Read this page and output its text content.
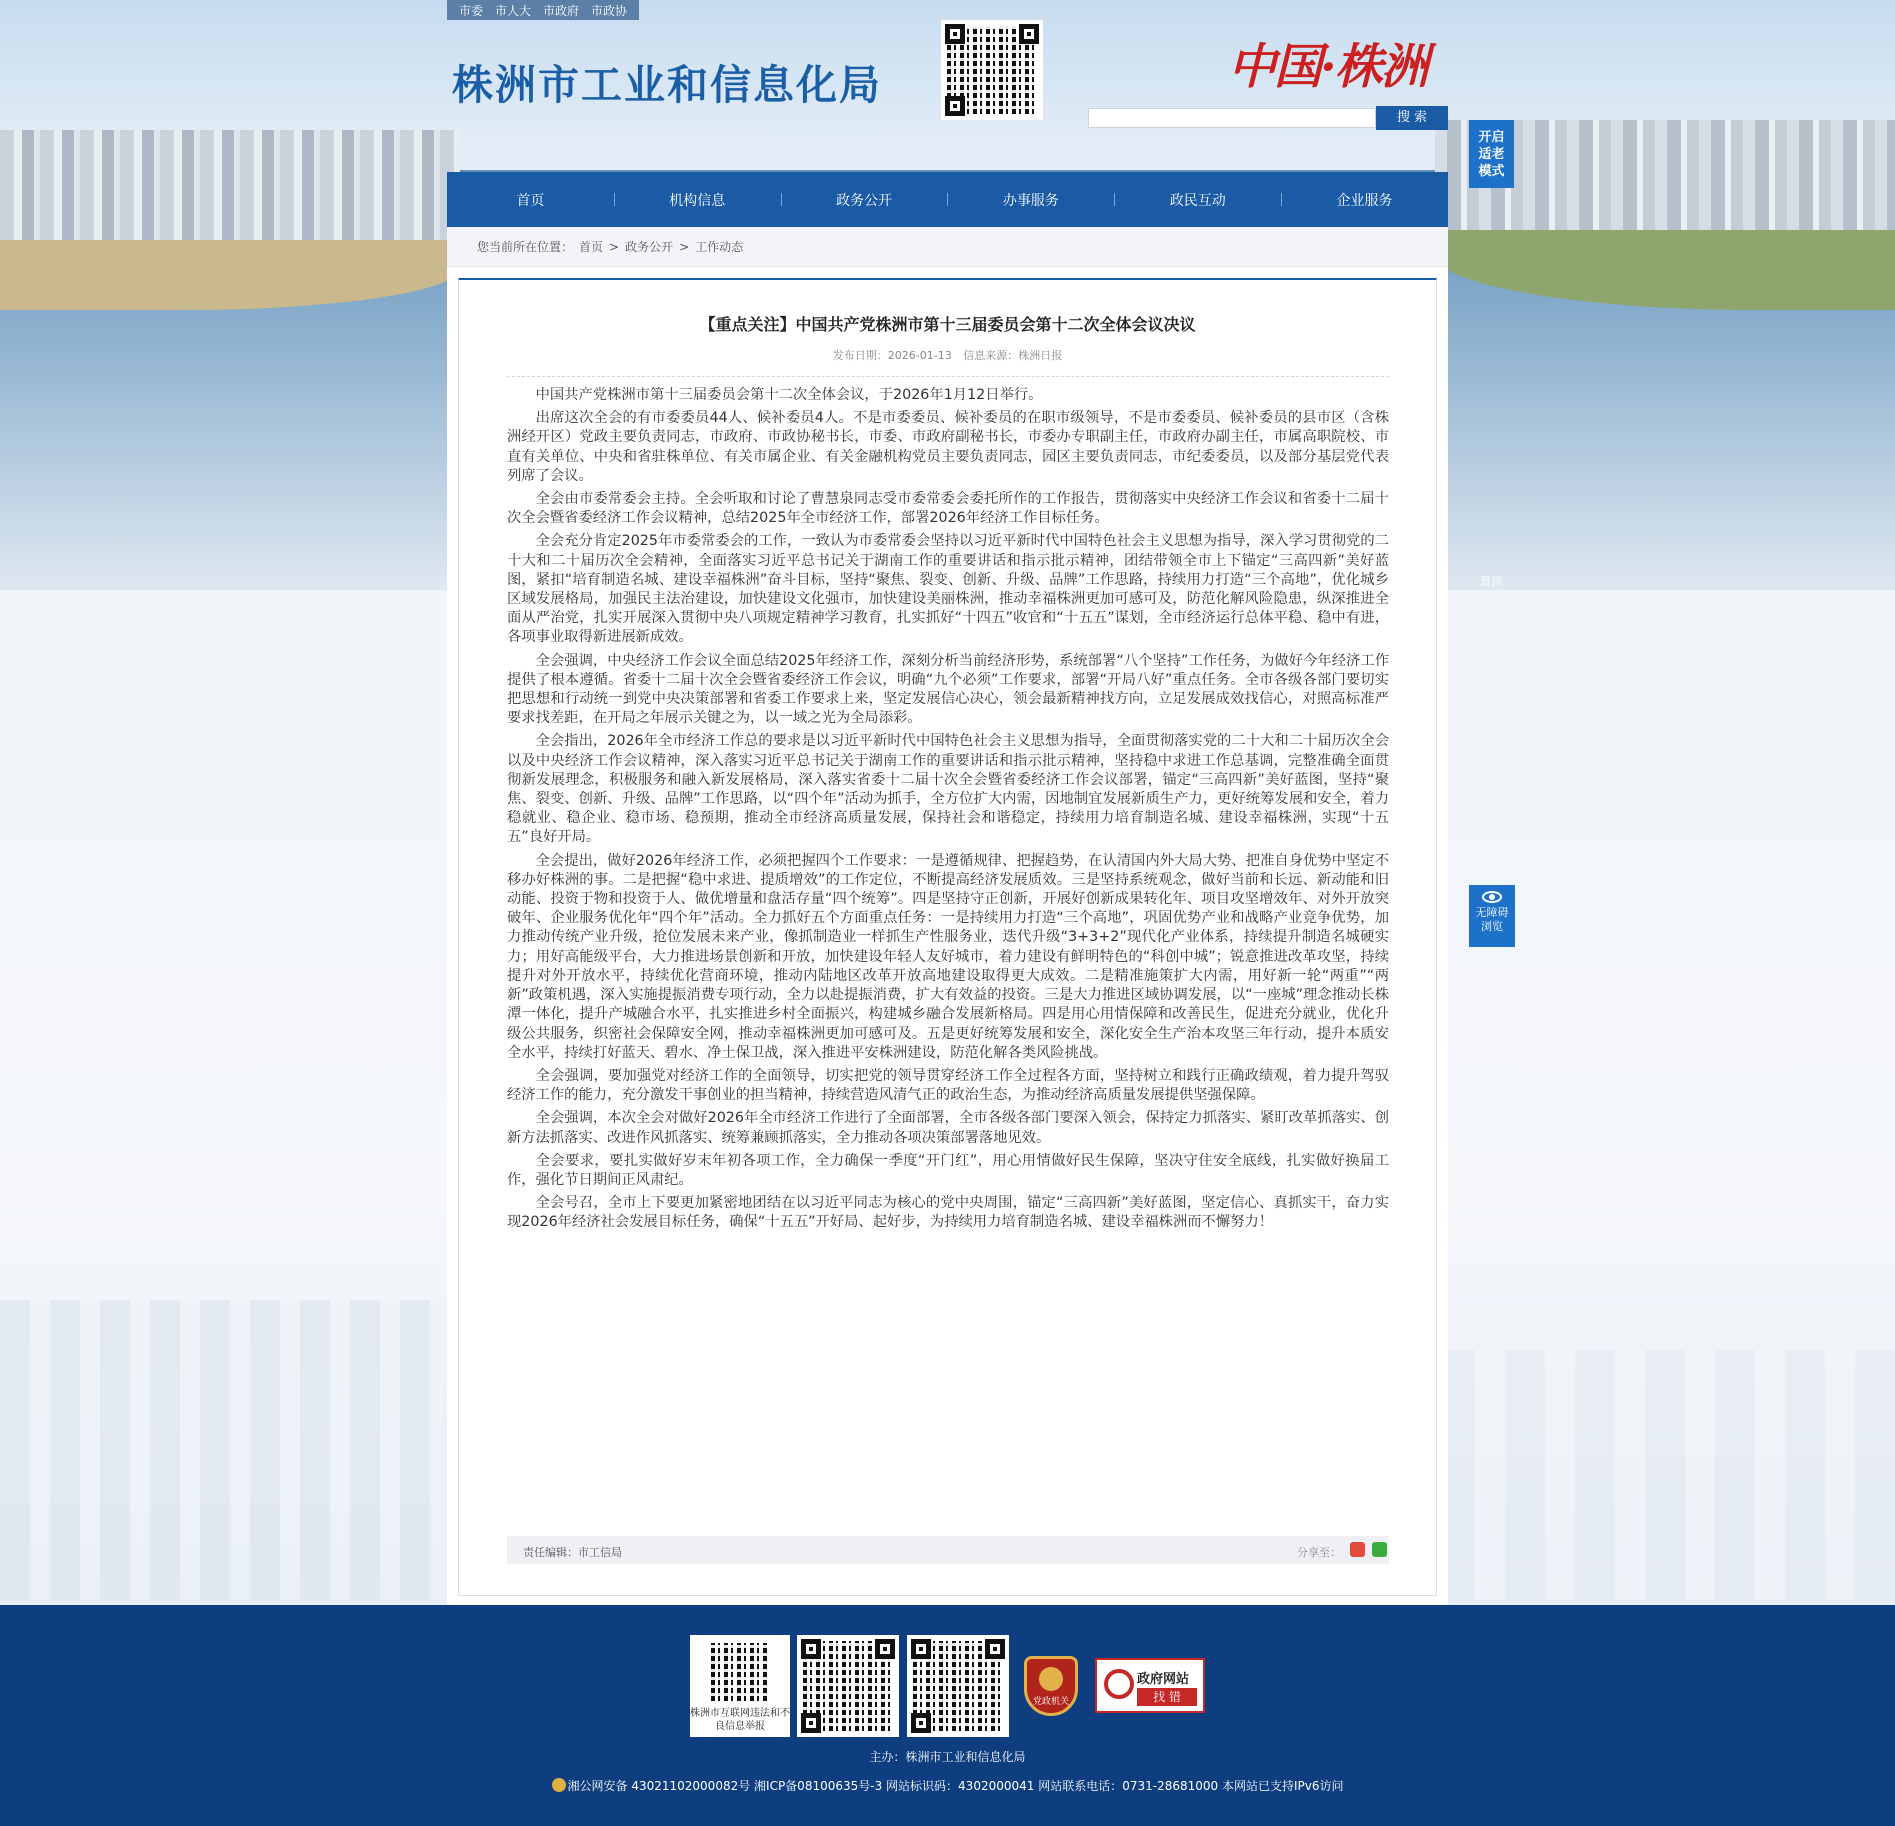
市委 市人大 市政府 市政协
株洲市工业和信息化局	中国·株洲
搜 索
开启
适老
模式
置顶
无障碍
浏览
首页	机构信息	政务公开	办事服务	政民互动	企业服务
您当前所在位置： 首页 > 政务公开 > 工作动态
【重点关注】中国共产党株洲市第十三届委员会第十二次全体会议决议
发布日期：2026-01-13 信息来源：株洲日报

中国共产党株洲市第十三届委员会第十二次全体会议，于2026年1月12日举行。

出席这次全会的有市委委员44人、候补委员4人。不是市委委员、候补委员的在职市级领导，不是市委委员、候补委员的县市区（含株洲经开区）党政主要负责同志，市政府、市政协秘书长，市委、市政府副秘书长，市委办专职副主任，市政府办副主任，市属高职院校、市直有关单位、中央和省驻株单位、有关市属企业、有关金融机构党员主要负责同志，园区主要负责同志，市纪委委员，以及部分基层党代表列席了会议。

全会由市委常委会主持。全会听取和讨论了曹慧泉同志受市委常委会委托所作的工作报告，贯彻落实中央经济工作会议和省委十二届十次全会暨省委经济工作会议精神，总结2025年全市经济工作，部署2026年经济工作目标任务。

全会充分肯定2025年市委常委会的工作，一致认为市委常委会坚持以习近平新时代中国特色社会主义思想为指导，深入学习贯彻党的二十大和二十届历次全会精神，全面落实习近平总书记关于湖南工作的重要讲话和指示批示精神，团结带领全市上下锚定“三高四新”美好蓝图，紧扣“培育制造名城、建设幸福株洲”奋斗目标，坚持“聚焦、裂变、创新、升级、品牌”工作思路，持续用力打造“三个高地”，优化城乡区域发展格局，加强民主法治建设，加快建设文化强市，加快建设美丽株洲，推动幸福株洲更加可感可及，防范化解风险隐患，纵深推进全面从严治党，扎实开展深入贯彻中央八项规定精神学习教育，扎实抓好“十四五”收官和“十五五”谋划，全市经济运行总体平稳、稳中有进，各项事业取得新进展新成效。

全会强调，中央经济工作会议全面总结2025年经济工作，深刻分析当前经济形势，系统部署“八个坚持”工作任务，为做好今年经济工作提供了根本遵循。省委十二届十次全会暨省委经济工作会议，明确“九个必须”工作要求，部署“开局八好”重点任务。全市各级各部门要切实把思想和行动统一到党中央决策部署和省委工作要求上来，坚定发展信心决心，领会最新精神找方向，立足发展成效找信心，对照高标准严要求找差距，在开局之年展示关键之为，以一域之光为全局添彩。

全会指出，2026年全市经济工作总的要求是以习近平新时代中国特色社会主义思想为指导，全面贯彻落实党的二十大和二十届历次全会以及中央经济工作会议精神，深入落实习近平总书记关于湖南工作的重要讲话和指示批示精神，坚持稳中求进工作总基调，完整准确全面贯彻新发展理念，积极服务和融入新发展格局，深入落实省委十二届十次全会暨省委经济工作会议部署，锚定“三高四新”美好蓝图，坚持“聚焦、裂变、创新、升级、品牌”工作思路，以“四个年”活动为抓手，全方位扩大内需，因地制宜发展新质生产力，更好统筹发展和安全，着力稳就业、稳企业、稳市场、稳预期，推动全市经济高质量发展，保持社会和谐稳定，持续用力培育制造名城、建设幸福株洲，实现“十五五”良好开局。

全会提出，做好2026年经济工作，必须把握四个工作要求：一是遵循规律、把握趋势，在认清国内外大局大势、把准自身优势中坚定不移办好株洲的事。二是把握“稳中求进、提质增效”的工作定位，不断提高经济发展质效。三是坚持系统观念，做好当前和长远、新动能和旧动能、投资于物和投资于人、做优增量和盘活存量“四个统筹”。四是坚持守正创新，开展好创新成果转化年、项目攻坚增效年、对外开放突破年、企业服务优化年“四个年”活动。全力抓好五个方面重点任务：一是持续用力打造“三个高地”，巩固优势产业和战略产业竞争优势，加力推动传统产业升级，抢位发展未来产业，像抓制造业一样抓生产性服务业，迭代升级“3+3+2”现代化产业体系，持续提升制造名城硬实力；用好高能级平台，大力推进场景创新和开放，加快建设年轻人友好城市，着力建设有鲜明特色的“科创中城”；锐意推进改革攻坚，持续提升对外开放水平，持续优化营商环境，推动内陆地区改革开放高地建设取得更大成效。二是精准施策扩大内需，用好新一轮“两重”“两新”政策机遇，深入实施提振消费专项行动，全力以赴提振消费，扩大有效益的投资。三是大力推进区域协调发展，以“一座城”理念推动长株潭一体化，提升产城融合水平，扎实推进乡村全面振兴，构建城乡融合发展新格局。四是用心用情保障和改善民生，促进充分就业，优化升级公共服务，织密社会保障安全网，推动幸福株洲更加可感可及。五是更好统筹发展和安全，深化安全生产治本攻坚三年行动，提升本质安全水平，持续打好蓝天、碧水、净土保卫战，深入推进平安株洲建设，防范化解各类风险挑战。

全会强调，要加强党对经济工作的全面领导，切实把党的领导贯穿经济工作全过程各方面，坚持树立和践行正确政绩观，着力提升驾驭经济工作的能力，充分激发干事创业的担当精神，持续营造风清气正的政治生态，为推动经济高质量发展提供坚强保障。

全会强调，本次全会对做好2026年全市经济工作进行了全面部署，全市各级各部门要深入领会，保持定力抓落实、紧盯改革抓落实、创新方法抓落实、改进作风抓落实、统筹兼顾抓落实，全力推动各项决策部署落地见效。

全会要求，要扎实做好岁末年初各项工作，全力确保一季度“开门红”，用心用情做好民生保障，坚决守住安全底线，扎实做好换届工作，强化节日期间正风肃纪。

全会号召，全市上下要更加紧密地团结在以习近平同志为核心的党中央周围，锚定“三高四新”美好蓝图，坚定信心、真抓实干，奋力实现2026年经济社会发展目标任务，确保“十五五”开好局、起好步，为持续用力培育制造名城、建设幸福株洲而不懈努力！

责任编辑：市工信局	分享至：
株洲市互联网违法和不良信息举报
党政机关
政府网站
找 错
主办：株洲市工业和信息化局
湘公网安备 43021102000082号 湘ICP备08100635号-3 网站标识码：4302000041 网站联系电话：0731-28681000 本网站已支持IPv6访问
